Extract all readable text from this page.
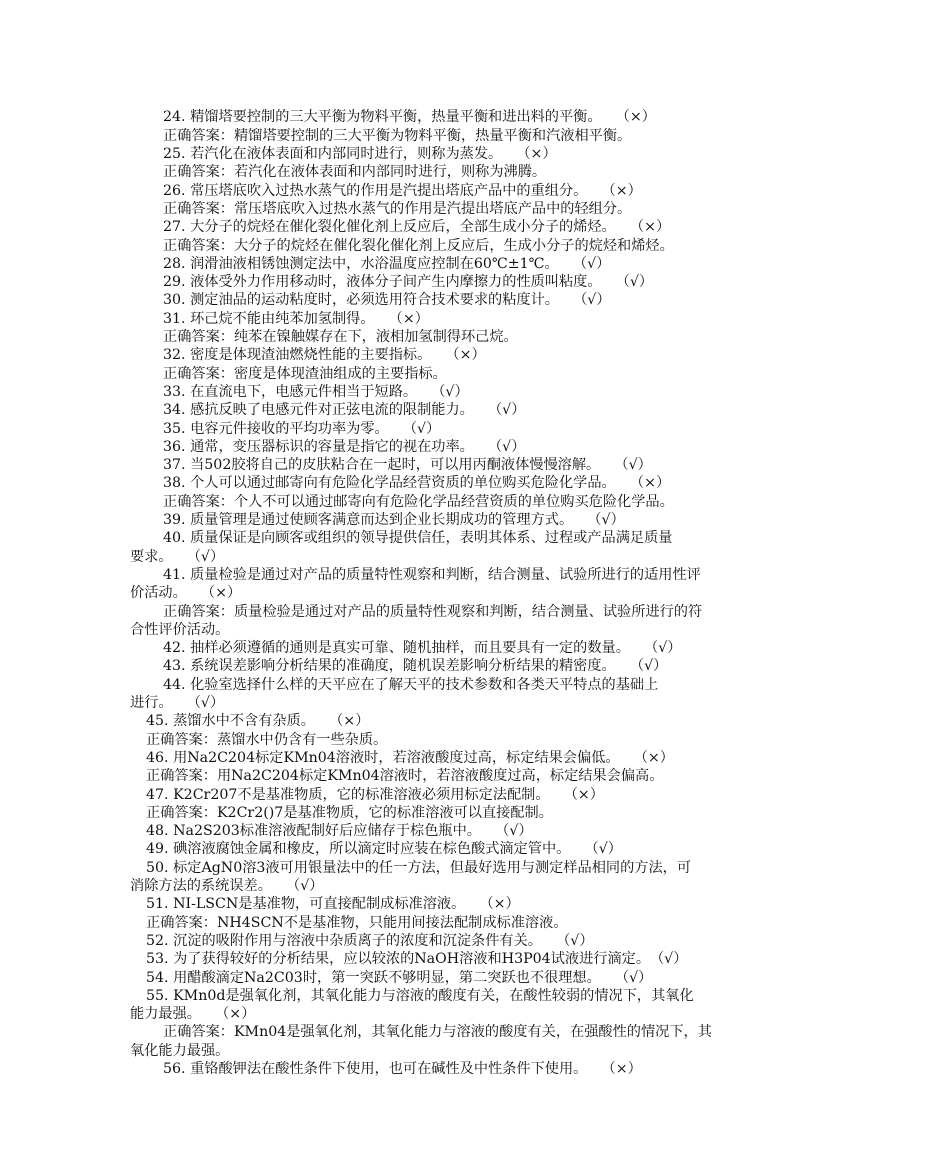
24. 精馏塔要控制的三大平衡为物料平衡，热量平衡和进出料的平衡。　　（×）
正确答案：精馏塔要控制的三大平衡为物料平衡，热量平衡和汽液相平衡。
25. 若汽化在液体表面和内部同时进行，则称为蒸发。　　（×）
正确答案：若汽化在液体表面和内部同时进行，则称为沸腾。
26. 常压塔底吹入过热水蒸气的作用是汽提出塔底产品中的重组分。　　（×）
正确答案：常压塔底吹入过热水蒸气的作用是汽提出塔底产品中的轻组分。
27. 大分子的烷烃在催化裂化催化剂上反应后，全部生成小分子的烯烃。　　（×）
正确答案：大分子的烷烃在催化裂化催化剂上反应后，生成小分子的烷烃和烯烃。
28. 润滑油液相锈蚀测定法中，水浴温度应控制在60℃±1℃。　　（√）
29. 液体受外力作用移动时，液体分子间产生内摩擦力的性质叫粘度。　　（√）
30. 测定油品的运动粘度时，必须选用符合技术要求的粘度计。　　（√）
31. 环己烷不能由纯苯加氢制得。　　（×）
正确答案：纯苯在镍触媒存在下，液相加氢制得环己烷。
32. 密度是体现渣油燃烧性能的主要指标。　　（×）
正确答案：密度是体现渣油组成的主要指标。
33. 在直流电下，电感元件相当于短路。　　（√）
34. 感抗反映了电感元件对正弦电流的限制能力。　　（√）
35. 电容元件接收的平均功率为零。　　（√）
36. 通常，变压器标识的容量是指它的视在功率。　　（√）
37. 当502胶将自己的皮肤粘合在一起时，可以用丙酮液体慢慢溶解。　　（√）
38. 个人可以通过邮寄向有危险化学品经营资质的单位购买危险化学品。　　（×）
正确答案：个人不可以通过邮寄向有危险化学品经营资质的单位购买危险化学品。
39. 质量管理是通过使顾客满意而达到企业长期成功的管理方式。　　（√）
40. 质量保证是向顾客或组织的领导提供信任，表明其体系、过程或产品满足质量
要求。　　（√）
41. 质量检验是通过对产品的质量特性观察和判断，结合测量、试验所进行的适用性评
价活动。　　（×）
正确答案：质量检验是通过对产品的质量特性观察和判断，结合测量、试验所进行的符
合性评价活动。
42. 抽样必须遵循的通则是真实可靠、随机抽样，而且要具有一定的数量。　　（√）
43. 系统误差影响分析结果的准确度，随机误差影响分析结果的精密度。　　（√）
44. 化验室选择什么样的天平应在了解天平的技术参数和各类天平特点的基础上
进行。　　（√）
45. 蒸馏水中不含有杂质。　　（×）
正确答案：蒸馏水中仍含有一些杂质。
46. 用Na2C204标定KMn04溶液时，若溶液酸度过高，标定结果会偏低。　　（×）
正确答案：用Na2C204标定KMn04溶液时，若溶液酸度过高，标定结果会偏高。
47. K2Cr207不是基准物质，它的标准溶液必须用标定法配制。　　（×）
正确答案：K2Cr2()7是基准物质，它的标准溶液可以直接配制。
48. Na2S203标准溶液配制好后应储存于棕色瓶中。　　（√）
49. 碘溶液腐蚀金属和橡皮，所以滴定时应装在棕色酸式滴定管中。　　（√）
50. 标定AgN0溶3液可用银量法中的任一方法，但最好选用与测定样品相同的方法，可
消除方法的系统误差。　　（√）
51. NI-LSCN是基准物，可直接配制成标准溶液。　　（×）
正确答案：NH4SCN不是基准物，只能用间接法配制成标准溶液。
52. 沉淀的吸附作用与溶液中杂质离子的浓度和沉淀条件有关。　　（√）
53. 为了获得较好的分析结果，应以较浓的NaOH溶液和H3P04试液进行滴定。　（√）
54. 用醋酸滴定Na2C03时，第一突跃不够明显，第二突跃也不很理想。　　（√）
55. KMn0d是强氧化剂，其氧化能力与溶液的酸度有关，在酸性较弱的情况下，其氧化
能力最强。　　（×）
正确答案：KMn04是强氧化剂，其氧化能力与溶液的酸度有关，在强酸性的情况下，其
氧化能力最强。
56. 重铬酸钾法在酸性条件下使用，也可在碱性及中性条件下使用。　　（×）
